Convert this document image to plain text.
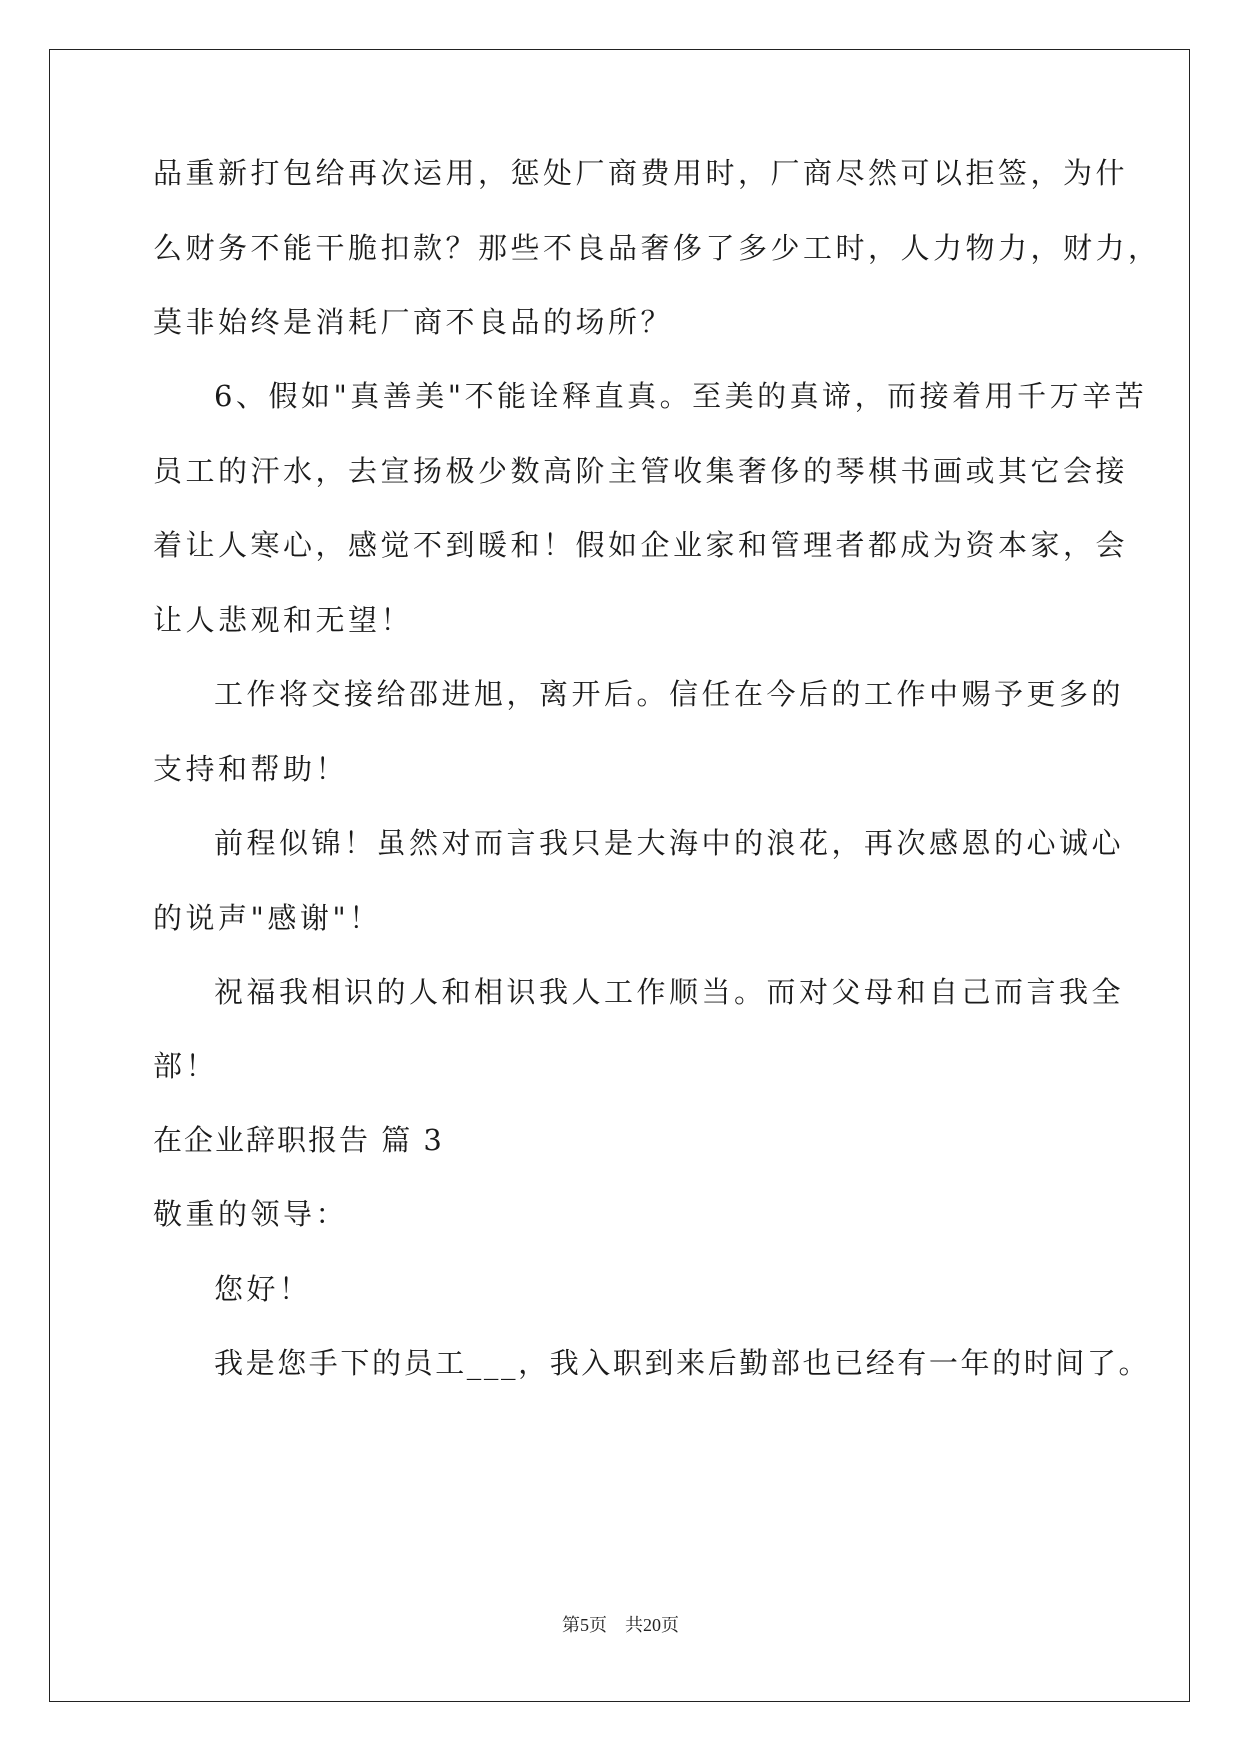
品重新打包给再次运用，惩处厂商费用时，厂商尽然可以拒签，为什
么财务不能干脆扣款？那些不良品奢侈了多少工时，人力物力，财力，
莫非始终是消耗厂商不良品的场所？
6、假如"真善美"不能诠释直真。至美的真谛，而接着用千万辛苦
员工的汗水，去宣扬极少数高阶主管收集奢侈的琴棋书画或其它会接
着让人寒心，感觉不到暖和！假如企业家和管理者都成为资本家，会
让人悲观和无望！
工作将交接给邵进旭，离开后。信任在今后的工作中赐予更多的
支持和帮助！
前程似锦！虽然对而言我只是大海中的浪花，再次感恩的心诚心
的说声"感谢"！
祝福我相识的人和相识我人工作顺当。而对父母和自己而言我全
部！
在企业辞职报告 篇 3
敬重的领导：
您好！
我是您手下的员工___，我入职到来后勤部也已经有一年的时间了。
第5页 共20页
